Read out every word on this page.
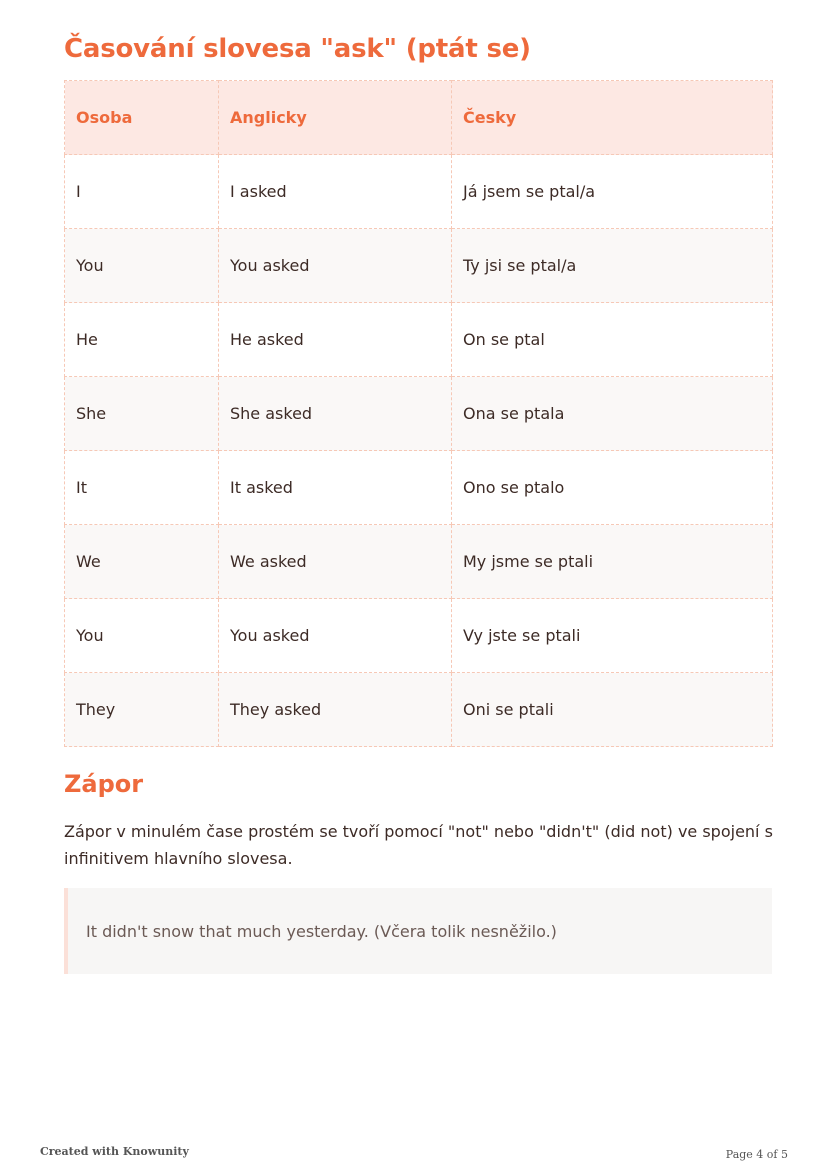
Časování slovesa "ask" (ptát se)
Osoba	Anglicky	Česky
I	I asked	Já jsem se ptal/a
You	You asked	Ty jsi se ptal/a
He	He asked	On se ptal
She	She asked	Ona se ptala
It	It asked	Ono se ptalo
We	We asked	My jsme se ptali
You	You asked	Vy jste se ptali
They	They asked	Oni se ptali
Zápor

Zápor v minulém čase prostém se tvoří pomocí "not" nebo "didn't" (did not) ve spojení s infinitivem hlavního slovesa.

It didn't snow that much yesterday. (Včera tolik nesněžilo.)
Created with Knowunity	Page 4 of 5
